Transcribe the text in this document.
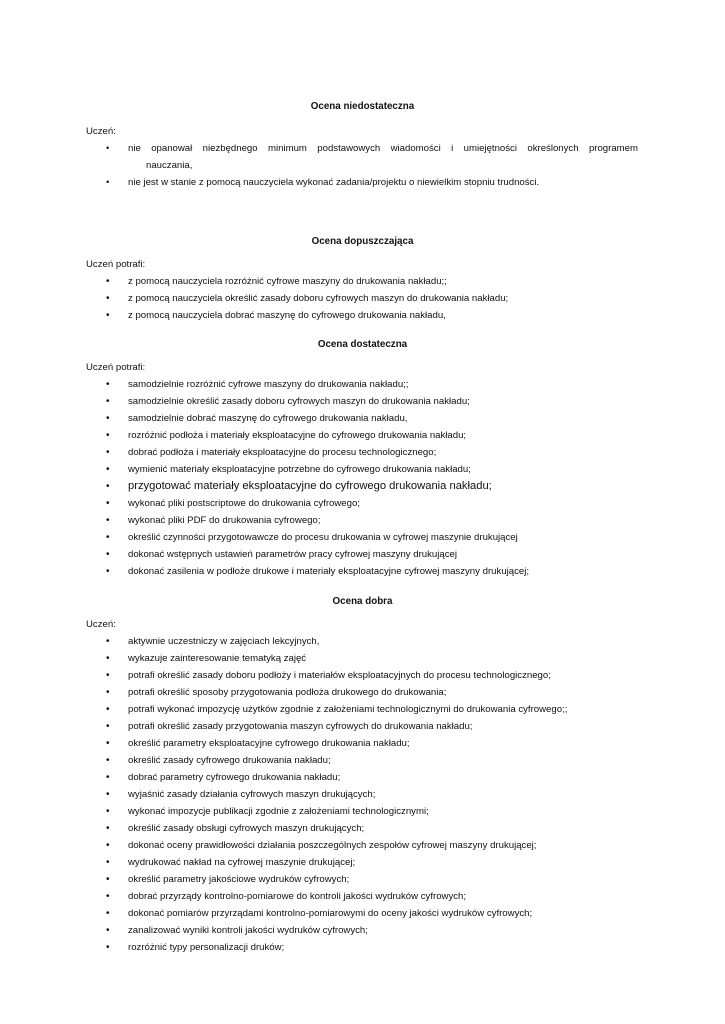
Ocena niedostateczna
Uczeń:
• nie opanował niezbędnego minimum podstawowych wiadomości i umiejętności określonych programem
nauczania,
• nie jest w stanie z pomocą nauczyciela wykonać zadania/projektu o niewielkim stopniu trudności.
Ocena dopuszczająca
Uczeń potrafi:
• z pomocą nauczyciela rozróżnić cyfrowe maszyny do drukowania nakładu;;
• z pomocą nauczyciela określić zasady doboru cyfrowych maszyn do drukowania nakładu;
• z pomocą nauczyciela dobrać maszynę do cyfrowego drukowania nakładu,
Ocena dostateczna
Uczeń potrafi:
• samodzielnie rozróżnić cyfrowe maszyny do drukowania nakładu;;
• samodzielnie określić zasady doboru cyfrowych maszyn do drukowania nakładu;
• samodzielnie dobrać maszynę do cyfrowego drukowania nakładu,
• rozróżnić podłoża i materiały eksploatacyjne do cyfrowego drukowania nakładu;
• dobrać podłoża i materiały eksploatacyjne do procesu technologicznego;
• wymienić materiały eksploatacyjne potrzebne do cyfrowego drukowania nakładu;
• przygotować materiały eksploatacyjne do cyfrowego drukowania nakładu;
• wykonać pliki postscriptowe do drukowania cyfrowego;
• wykonać pliki PDF do drukowania cyfrowego;
• określić czynności przygotowawcze do procesu drukowania w cyfrowej maszynie drukującej
• dokonać wstępnych ustawień parametrów pracy cyfrowej maszyny drukującej
• dokonać zasilenia w podłoże drukowe i materiały eksploatacyjne cyfrowej maszyny drukującej;
Ocena dobra
Uczeń:
• aktywnie uczestniczy w zajęciach lekcyjnych,
• wykazuje zainteresowanie tematyką zajęć
• potrafi określić zasady doboru podłoży i materiałów eksploatacyjnych do procesu technologicznego;
• potrafi określić sposoby przygotowania podłoża drukowego do drukowania;
• potrafi wykonać impozycję użytków zgodnie z założeniami technologicznymi do drukowania cyfrowego;;
• potrafi określić zasady przygotowania maszyn cyfrowych do drukowania nakładu;
• określić parametry eksploatacyjne cyfrowego drukowania nakładu;
• określić zasady cyfrowego drukowania nakładu;
• dobrać parametry cyfrowego drukowania nakładu;
• wyjaśnić zasady działania cyfrowych maszyn drukujących;
• wykonać impozycje publikacji zgodnie z założeniami technologicznymi;
• określić zasady obsługi cyfrowych maszyn drukujących;
• dokonać oceny prawidłowości działania poszczególnych zespołów cyfrowej maszyny drukującej;
• wydrukować nakład na cyfrowej maszynie drukującej;
• określić parametry jakościowe wydruków cyfrowych;
• dobrać przyrządy kontrolno-pomiarowe do kontroli jakości wydruków cyfrowych;
• dokonać pomiarów przyrządami kontrolno-pomiarowymi do oceny jakości wydruków cyfrowych;
• zanalizować wyniki kontroli jakości wydruków cyfrowych;
• rozróżnić typy personalizacji druków;
